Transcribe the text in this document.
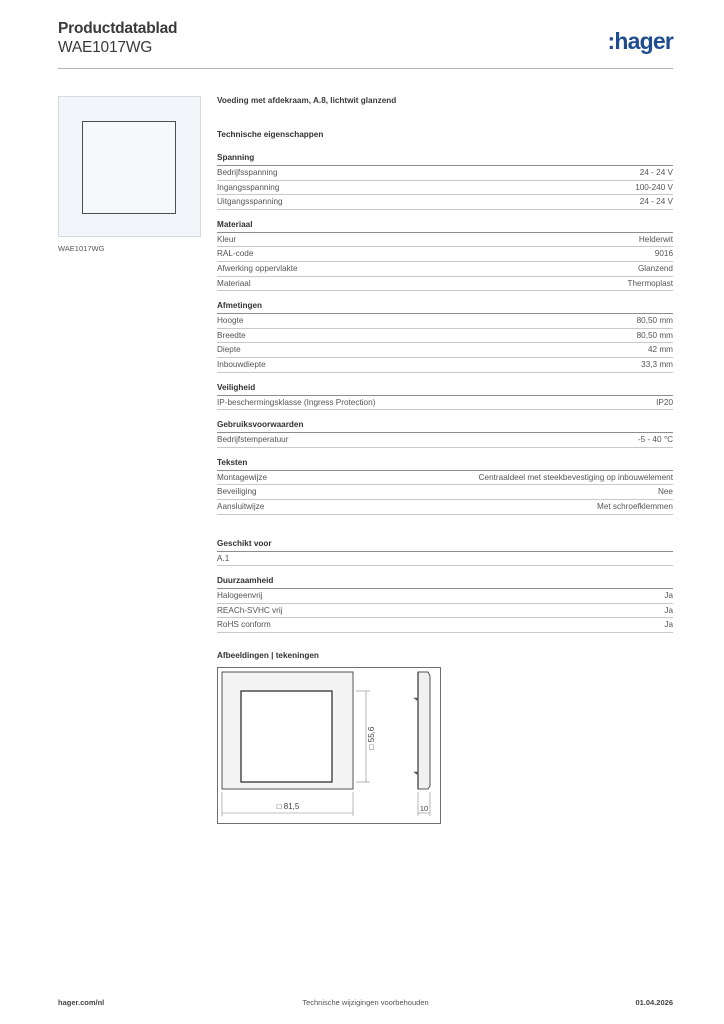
Productdatablad
WAE1017WG	:hager
WAE1017WG
Voeding met afdekraam, A.8, lichtwit glanzend
Technische eigenschappen
Spanning
Bedrijfsspanning	24 - 24 V
Ingangsspanning	100-240 V
Uitgangsspanning	24 - 24 V
Materiaal
Kleur	Helderwit
RAL-code	9016
Afwerking oppervlakte	Glanzend
Materiaal	Thermoplast
Afmetingen
Hoogte	80,50 mm
Breedte	80,50 mm
Diepte	42 mm
Inbouwdiepte	33,3 mm
Veiligheid
IP-beschermingsklasse (Ingress Protection)	IP20
Gebruiksvoorwaarden
Bedrijfstemperatuur	-5 - 40 °C
Teksten
Montagewijze	Centraaldeel met steekbevestiging op inbouwelement
Beveiliging	Nee
Aansluitwijze	Met schroefklemmen
Geschikt voor
A.1
Duurzaamheid
Halogeenvrij	Ja
REACh-SVHC vrij	Ja
RoHS conform	Ja
Afbeeldingen | tekeningen
□ 55,6
□ 81,5	10
hager.com/nl	Technische wijzigingen voorbehouden	01.04.2026
